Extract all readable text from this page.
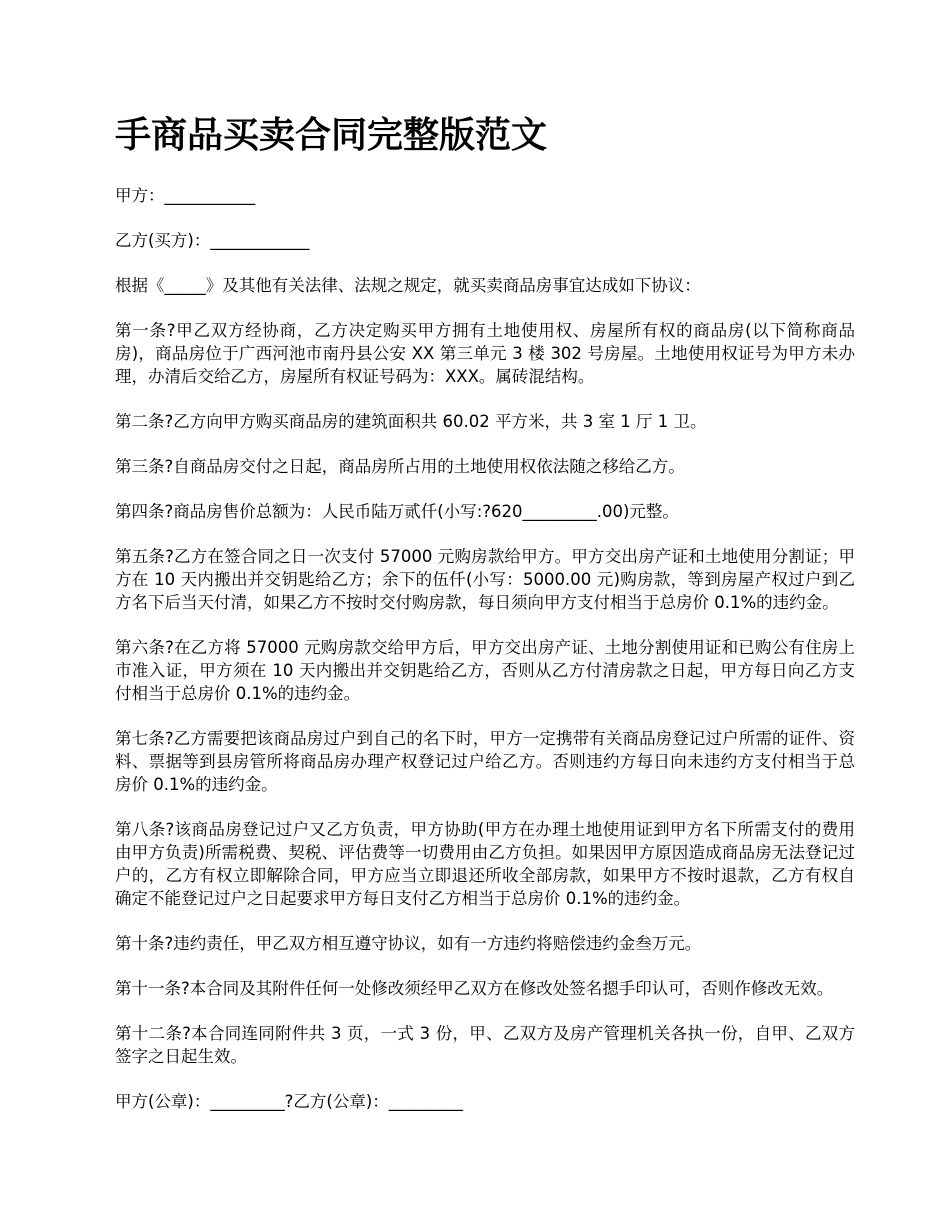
手商品买卖合同完整版范文

甲方：___________

乙方(买方)：____________

根据《_____》及其他有关法律、法规之规定，就买卖商品房事宜达成如下协议：

第一条?甲乙双方经协商，乙方决定购买甲方拥有土地使用权、房屋所有权的商品房(以下简称商品房)，商品房位于广西河池市南丹县公安 XX 第三单元 3 楼 302 号房屋。土地使用权证号为甲方未办理，办清后交给乙方，房屋所有权证号码为：XXX。属砖混结构。

第二条?乙方向甲方购买商品房的建筑面积共 60.02 平方米，共 3 室 1 厅 1 卫。

第三条?自商品房交付之日起，商品房所占用的土地使用权依法随之移给乙方。

第四条?商品房售价总额为：人民币陆万贰仟(小写:?620_________.00)元整。

第五条?乙方在签合同之日一次支付 57000 元购房款给甲方。甲方交出房产证和土地使用分割证；甲方在 10 天内搬出并交钥匙给乙方；余下的伍仟(小写：5000.00 元)购房款，等到房屋产权过户到乙方名下后当天付清，如果乙方不按时交付购房款，每日须向甲方支付相当于总房价 0.1%的违约金。

第六条?在乙方将 57000 元购房款交给甲方后，甲方交出房产证、土地分割使用证和已购公有住房上市准入证，甲方须在 10 天内搬出并交钥匙给乙方，否则从乙方付清房款之日起，甲方每日向乙方支付相当于总房价 0.1%的违约金。

第七条?乙方需要把该商品房过户到自己的名下时，甲方一定携带有关商品房登记过户所需的证件、资料、票据等到县房管所将商品房办理产权登记过户给乙方。否则违约方每日向未违约方支付相当于总房价 0.1%的违约金。

第八条?该商品房登记过户又乙方负责，甲方协助(甲方在办理土地使用证到甲方名下所需支付的费用由甲方负责)所需税费、契税、评估费等一切费用由乙方负担。如果因甲方原因造成商品房无法登记过户的，乙方有权立即解除合同，甲方应当立即退还所收全部房款，如果甲方不按时退款，乙方有权自确定不能登记过户之日起要求甲方每日支付乙方相当于总房价 0.1%的违约金。

第十条?违约责任，甲乙双方相互遵守协议，如有一方违约将赔偿违约金叁万元。

第十一条?本合同及其附件任何一处修改须经甲乙双方在修改处签名摁手印认可，否则作修改无效。

第十二条?本合同连同附件共 3 页，一式 3 份，甲、乙双方及房产管理机关各执一份，自甲、乙双方签字之日起生效。

甲方(公章)：_________?乙方(公章)：_________
